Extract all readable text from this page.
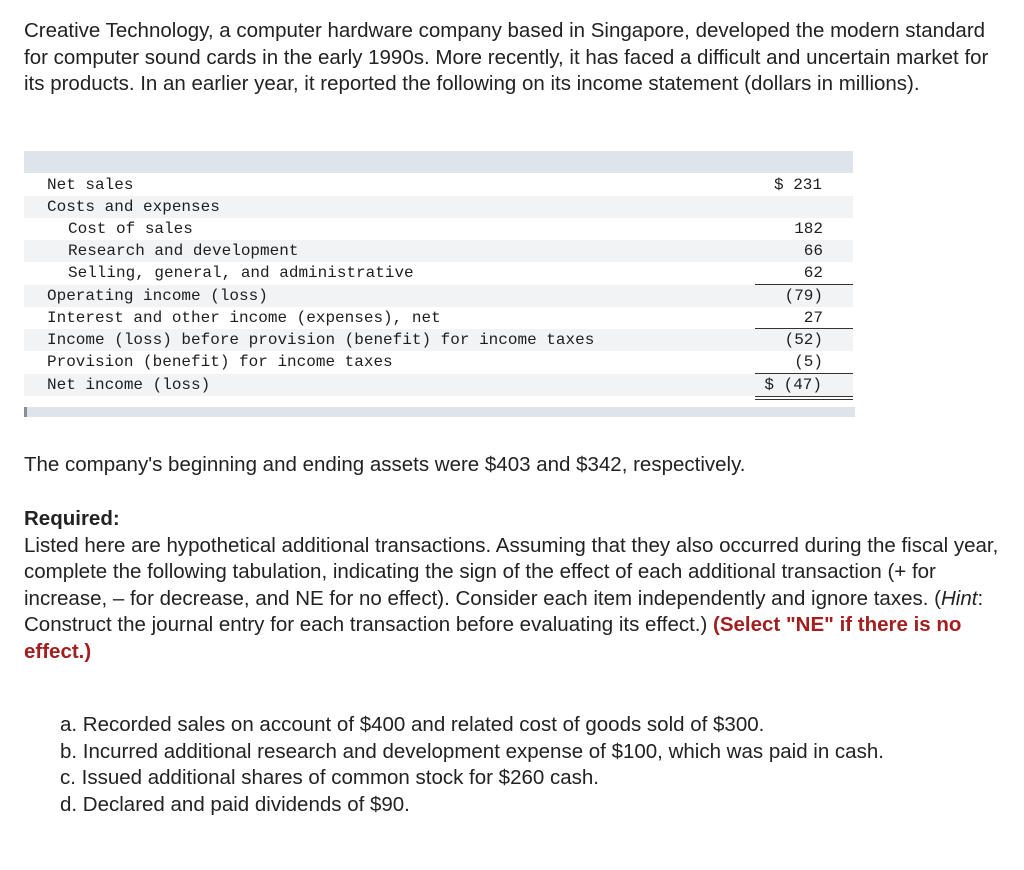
Creative Technology, a computer hardware company based in Singapore, developed the modern standard for computer sound cards in the early 1990s. More recently, it has faced a difficult and uncertain market for its products. In an earlier year, it reported the following on its income statement (dollars in millions).

Net sales	$ 231
Costs and expenses
Cost of sales	182
Research and development	66
Selling, general, and administrative	62
Operating income (loss)	(79)
Interest and other income (expenses), net	27
Income (loss) before provision (benefit) for income taxes	(52)
Provision (benefit) for income taxes	(5)
Net income (loss)	$ (47)

The company's beginning and ending assets were $403 and $342, respectively.

Required:
Listed here are hypothetical additional transactions. Assuming that they also occurred during the fiscal year, complete the following tabulation, indicating the sign of the effect of each additional transaction (+ for increase, – for decrease, and NE for no effect). Consider each item independently and ignore taxes. (Hint: Construct the journal entry for each transaction before evaluating its effect.) (Select "NE" if there is no effect.)
a. Recorded sales on account of $400 and related cost of goods sold of $300.
b. Incurred additional research and development expense of $100, which was paid in cash.
c. Issued additional shares of common stock for $260 cash.
d. Declared and paid dividends of $90.
